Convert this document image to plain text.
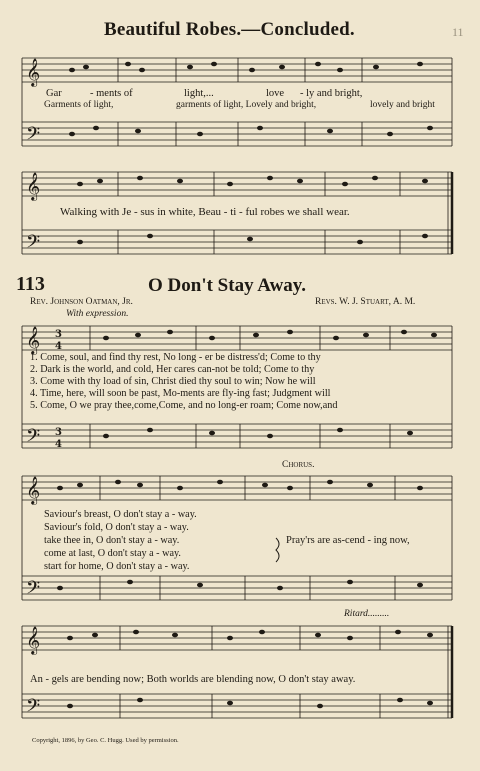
𝄞
𝄢
𝄞
𝄢
𝄞 3
4
𝄢 3
4
𝄞
𝄢
𝄞
𝄢
11
Beautiful Robes.—Concluded.
Gar	- ments of	light,...	love - ly and bright,
Garments of light,	garments of light, Lovely and bright,	lovely and bright
Walking with Je - sus in white, Beau - ti - ful robes we shall wear.
113	O Don't Stay Away.
Rev. Johnson Oatman, Jr.	Revs. W. J. Stuart, A. M.
With expression.
1. Come, soul, and find thy rest, No long - er be distress'd; Come to thy
2. Dark is the world, and cold, Her cares can-not be told; Come to thy
3. Come with thy load of sin, Christ died thy soul to win; Now he will
4. Time, here, will soon be past, Mo-ments are fly-ing fast; Judgment will
5. Come, O we pray thee,come,Come, and no long-er roam; Come now,and
Chorus.
Saviour's breast, O don't stay a - way.
Saviour's fold, O don't stay a - way.
take thee in, O don't stay a - way.
come at last, O don't stay a - way.
start for home, O don't stay a - way.
Pray'rs are as-cend - ing now,
Ritard.........
An - gels are bending now; Both worlds are blending now, O don't stay away.
Copyright, 1896, by Geo. C. Hugg. Used by permission.
